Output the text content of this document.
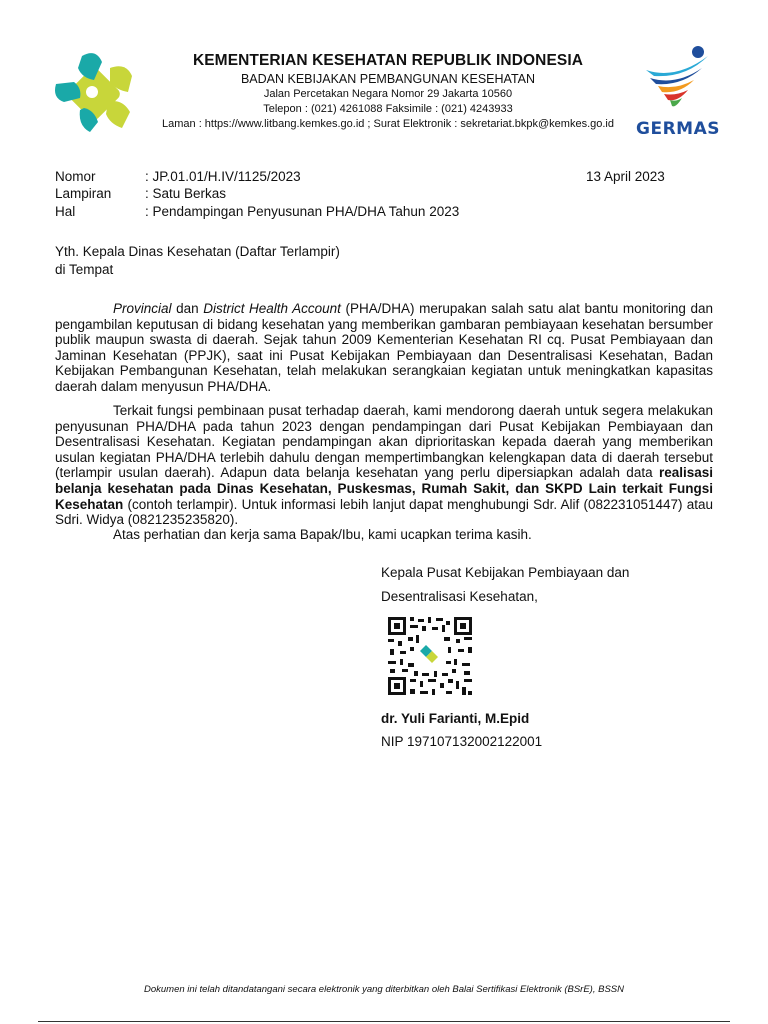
KEMENTERIAN KESEHATAN REPUBLIK INDONESIA
BADAN KEBIJAKAN PEMBANGUNAN KESEHATAN
Jalan Percetakan Negara Nomor 29 Jakarta 10560
Telepon : (021) 4261088 Faksimile : (021) 4243933
Laman : https://www.litbang.kemkes.go.id ; Surat Elektronik : sekretariat.bkpk@kemkes.go.id	GERMAS
Nomor	: JP.01.01/H.IV/1125/2023
Lampiran : Satu Berkas
Hal	: Pendampingan Penyusunan PHA/DHA Tahun 2023
13 April 2023
Yth. Kepala Dinas Kesehatan (Daftar Terlampir)
di Tempat

Provincial dan District Health Account (PHA/DHA) merupakan salah satu alat bantu monitoring dan pengambilan keputusan di bidang kesehatan yang memberikan gambaran pembiayaan kesehatan bersumber publik maupun swasta di daerah. Sejak tahun 2009 Kementerian Kesehatan RI cq. Pusat Pembiayaan dan Jaminan Kesehatan (PPJK), saat ini Pusat Kebijakan Pembiayaan dan Desentralisasi Kesehatan, Badan Kebijakan Pembangunan Kesehatan, telah melakukan serangkaian kegiatan untuk meningkatkan kapasitas daerah dalam menyusun PHA/DHA.

Terkait fungsi pembinaan pusat terhadap daerah, kami mendorong daerah untuk segera melakukan penyusunan PHA/DHA pada tahun 2023 dengan pendampingan dari Pusat Kebijakan Pembiayaan dan Desentralisasi Kesehatan. Kegiatan pendampingan akan diprioritaskan kepada daerah yang memberikan usulan kegiatan PHA/DHA terlebih dahulu dengan mempertimbangkan kelengkapan data di daerah tersebut (terlampir usulan daerah). Adapun data belanja kesehatan yang perlu dipersiapkan adalah data realisasi belanja kesehatan pada Dinas Kesehatan, Puskesmas, Rumah Sakit, dan SKPD Lain terkait Fungsi Kesehatan (contoh terlampir). Untuk informasi lebih lanjut dapat menghubungi Sdr. Alif (082231051447) atau Sdri. Widya (0821235235820).

Atas perhatian dan kerja sama Bapak/Ibu, kami ucapkan terima kasih.

Kepala Pusat Kebijakan Pembiayaan dan
Desentralisasi Kesehatan,
dr. Yuli Farianti, M.Epid
NIP 197107132002122001
Dokumen ini telah ditandatangani secara elektronik yang diterbitkan oleh Balai Sertifikasi Elektronik (BSrE), BSSN
